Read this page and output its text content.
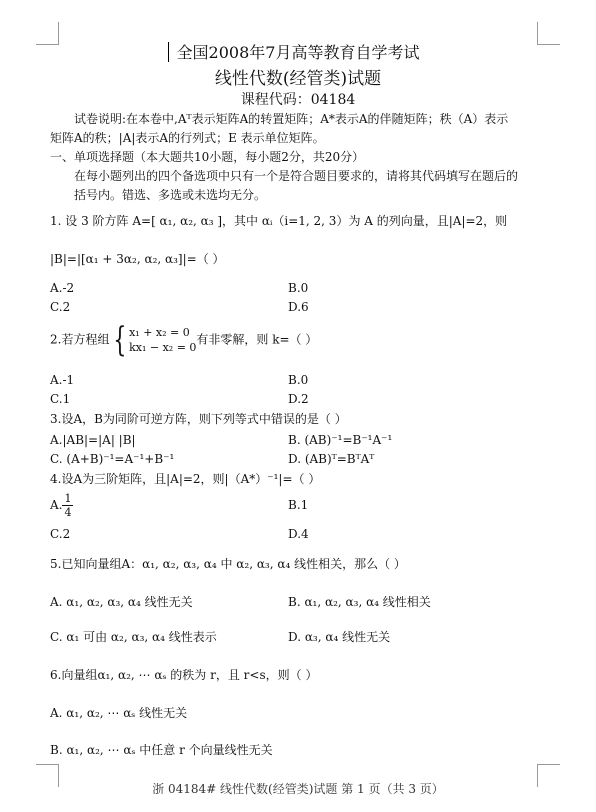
全国2008年7月高等教育自学考试
线性代数(经管类)试题
课程代码：04184
试卷说明:在本卷中,Aᵀ表示矩阵A的转置矩阵；A*表示A的伴随矩阵；秩（A）表示
矩阵A的秩；|A|表示A的行列式；E 表示单位矩阵。
一、单项选择题（本大题共10小题，每小题2分，共20分）
在每小题列出的四个备选项中只有一个是符合题目要求的，请将其代码填写在题后的
括号内。错选、多选或未选均无分。
1. 设 3 阶方阵 A=[ α₁, α₂, α₃ ]，其中 αᵢ（i=1, 2, 3）为 A 的列向量，且|A|=2，则
|B|=|[α₁ + 3α₂, α₂, α₃]|=（ ）
A.-2	B.0
C.2	D.6
2.若方程组 { x₁ + x₂ = 0
kx₁ − x₂ = 0
有非零解，则 k=（ ）
A.-1	B.0
C.1	D.2
3.设A，B为同阶可逆方阵，则下列等式中错误的是（ ）
A.|AB|=|A| |B|	B. (AB)⁻¹=B⁻¹A⁻¹
C. (A+B)⁻¹=A⁻¹+B⁻¹	D. (AB)ᵀ=BᵀAᵀ
4.设A为三阶矩阵，且|A|=2，则|（A*）⁻¹|=（ ）
A. $\frac{1}{4}$	B.1
C.2	D.4
5.已知向量组A：α₁, α₂, α₃, α₄ 中 α₂, α₃, α₄ 线性相关，那么（ ）
A. α₁, α₂, α₃, α₄ 线性无关	B. α₁, α₂, α₃, α₄ 线性相关
C. α₁ 可由 α₂, α₃, α₄ 线性表示	D. α₃, α₄ 线性无关
6.向量组α₁, α₂, ⋯ αₛ 的秩为 r，且 r<s，则（ ）
A. α₁, α₂, ⋯ αₛ 线性无关
B. α₁, α₂, ⋯ αₛ 中任意 r 个向量线性无关
浙 04184# 线性代数(经管类)试题 第 1 页（共 3 页）
